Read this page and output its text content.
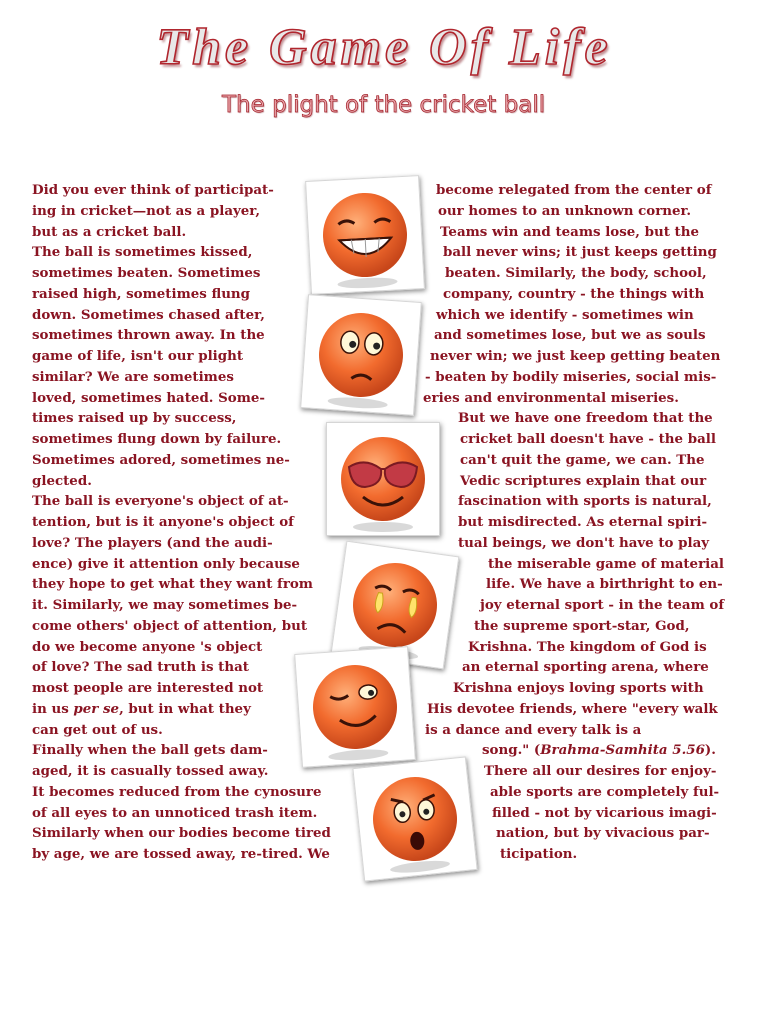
The Game Of Life
The plight of the cricket ball
Did you ever think of participat-
ing in cricket—not as a player,
but as a cricket ball.
The ball is sometimes kissed,
sometimes beaten. Sometimes
raised high, sometimes flung
down. Sometimes chased after,
sometimes thrown away. In the
game of life, isn't our plight
similar? We are sometimes
loved, sometimes hated. Some-
times raised up by success,
sometimes flung down by failure.
Sometimes adored, sometimes ne-
glected.
The ball is everyone's object of at-
tention, but is it anyone's object of
love? The players (and the audi-
ence) give it attention only because
they hope to get what they want from
it. Similarly, we may sometimes be-
come others' object of attention, but
do we become anyone 's object
of love? The sad truth is that
most people are interested not
in us per se, but in what they
can get out of us.
Finally when the ball gets dam-
aged, it is casually tossed away.
It becomes reduced from the cynosure
of all eyes to an unnoticed trash item.
Similarly when our bodies become tired
by age, we are tossed away, re-tired. We
become relegated from the center of
our homes to an unknown corner.
Teams win and teams lose, but the
ball never wins; it just keeps getting
beaten. Similarly, the body, school,
company, country - the things with
which we identify - sometimes win
and sometimes lose, but we as souls
never win; we just keep getting beaten
- beaten by bodily miseries, social mis-
eries and environmental miseries.
But we have one freedom that the
cricket ball doesn't have - the ball
can't quit the game, we can. The
Vedic scriptures explain that our
fascination with sports is natural,
but misdirected. As eternal spiri-
tual beings, we don't have to play
the miserable game of material
life. We have a birthright to en-
joy eternal sport - in the team of
the supreme sport-star, God,
Krishna. The kingdom of God is
an eternal sporting arena, where
Krishna enjoys loving sports with
His devotee friends, where "every walk
is a dance and every talk is a
song." (Brahma-Samhita 5.56).
There all our desires for enjoy-
able sports are completely ful-
filled - not by vicarious imagi-
nation, but by vivacious par-
ticipation.
